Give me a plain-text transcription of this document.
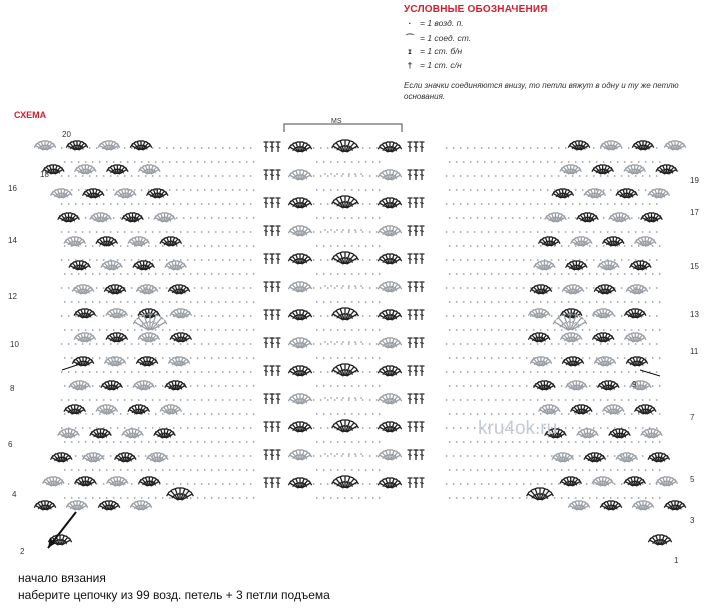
УСЛОВНЫЕ ОБОЗНАЧЕНИЯ
·	= 1 возд. п.
⌒ = 1 соед. ст.
ɪ = 1 ст. б/н
† = 1 ст. с/н
Если значки соединяются внизу, то петли вяжут в одну и ту же петлю основания.
СХЕМА
MS
kru4ok.ru
1
3
5
7
9
11
13
15
17
19
2
4
6
8
10
12
14
16
18
20
начало вязания
наберите цепочку из 99 возд. петель + 3 петли подъема
